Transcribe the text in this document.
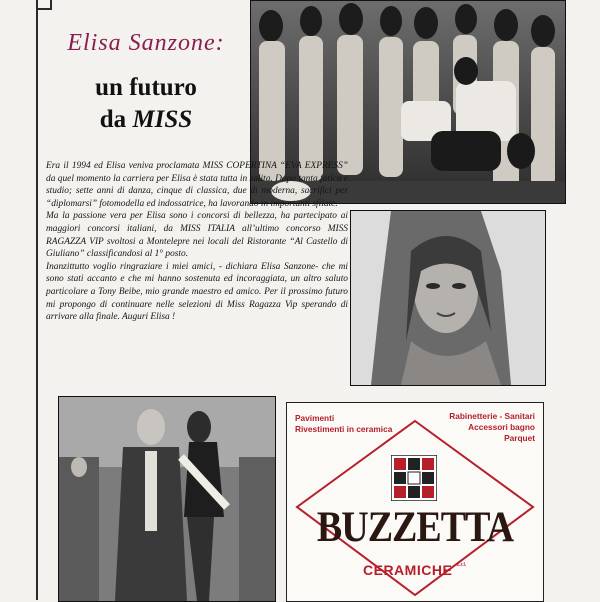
Elisa Sanzone:
un futuro
da MISS

Era il 1994 ed Elisa veniva proclamata MISS COPERTINA “EVA EXPRESS” da quel momento la carriera per Elisa è stata tutta in salita. Dopo tanta fatica e studio; sette anni di danza, cinque di classica, due di moderna, sacrifici per “diplomarsi” fotomodella ed indossatrice, ha lavorando in importanti sfilate.

Ma la passione vera per Elisa sono i concorsi di bellezza, ha partecipato ai maggiori concorsi italiani, da MISS ITALIA all’ultimo concorso MISS RAGAZZA VIP svoltosi a Montelepre nei locali del Ristorante “Al Castello di Giuliano” classificandosi al 1° posto.

Inanzittutto voglio ringraziare i miei amici, - dichiara Elisa Sanzone- che mi sono stati accanto e che mi hanno sostenuta ed incoraggiata, un altro saluto particolare a Tony Beibe, mio grande maestro ed amico. Per il prossimo futuro mi propongo di continuare nelle selezioni di Miss Ragazza Vip sperando di arrivare alla finale. Auguri Elisa !

Pavimenti
Rivestimenti in ceramica
Rabinetterie - Sanitari
Accessori bagno
Parquet
BUZZETTA
CERAMICHE $^{s.r.l.}$
